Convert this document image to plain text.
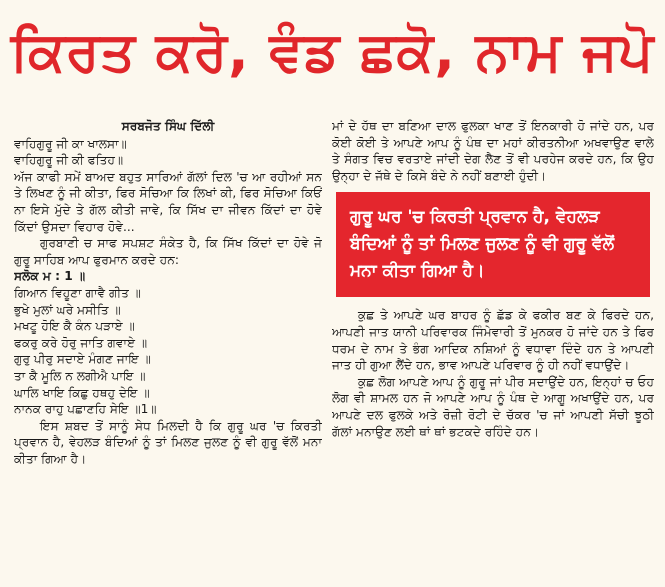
ਕਿਰਤ ਕਰੋ, ਵੰਡ ਛਕੋ, ਨਾਮ ਜਪੋ

ਸਰਬਜੋਤ ਸਿੰਘ ਦਿੱਲੀ

ਵਾਹਿਗੁਰੂ ਜੀ ਕਾ ਖਾਲਸਾ॥

ਵਾਹਿਗੁਰੂ ਜੀ ਕੀ ਫਤਿਹ॥

ਅੱਜ ਕਾਫੀ ਸਮੇਂ ਬਾਅਦ ਬਹੁਤ ਸਾਰਿਆਂ ਗੱਲਾਂ ਦਿਲ 'ਚ ਆ ਰਹੀਆਂ ਸਨ ਤੇ ਲਿਖਣ ਨੂੰ ਜੀ ਕੀਤਾ, ਫਿਰ ਸੋਚਿਆ ਕਿ ਲਿਖਾਂ ਕੀ, ਫਿਰ ਸੋਚਿਆ ਕਿਓਂ ਨਾ ਇਸੇ ਮੁੱਦੇ ਤੇ ਗੱਲ ਕੀਤੀ ਜਾਵੇ, ਕਿ ਸਿੱਖ ਦਾ ਜੀਵਨ ਕਿੱਦਾਂ ਦਾ ਹੋਵੇ ਕਿੱਦਾਂ ਉਸਦਾ ਵਿਹਾਰ ਹੋਵੇ...

ਗੁਰਬਾਣੀ ਚ ਸਾਫ ਸਪਸ਼ਟ ਸੰਕੇਤ ਹੈ, ਕਿ ਸਿੱਖ ਕਿੱਦਾਂ ਦਾ ਹੋਵੇ ਜੋ ਗੁਰੂ ਸਾਹਿਬ ਆਪ ਫੁਰਮਾਨ ਕਰਦੇ ਹਨ:

ਸਲੋਕ ਮ : 1 ॥

ਗਿਆਨ ਵਿਹੂਣਾ ਗਾਵੈ ਗੀਤ ॥

ਭੁਖੇ ਮੁਲਾਂ ਘਰੇ ਮਸੀਤਿ ॥

ਮਖਟੂ ਹੋਇ ਕੈ ਕੰਨ ਪੜਾਏ ॥

ਫਕਰੁ ਕਰੇ ਹੋਰੁ ਜਾਤਿ ਗਵਾਏ ॥

ਗੁਰੁ ਪੀਰੁ ਸਦਾਏ ਮੰਗਣ ਜਾਇ ॥

ਤਾ ਕੈ ਮੂਲਿ ਨ ਲਗੀਐ ਪਾਇ ॥

ਘਾਲਿ ਖਾਇ ਕਿਛੁ ਹਥਹੁ ਦੇਇ ॥

ਨਾਨਕ ਰਾਹੁ ਪਛਾਣਹਿ ਸੇਇ ॥1॥

ਇਸ ਸ਼ਬਦ ਤੋਂ ਸਾਨੂੰ ਸੇਧ ਮਿਲਦੀ ਹੈ ਕਿ ਗੁਰੂ ਘਰ 'ਚ ਕਿਰਤੀ ਪ੍ਰਵਾਨ ਹੈ, ਵੇਹਲੜ ਬੰਦਿਆਂ ਨੂੰ ਤਾਂ ਮਿਲਣ ਜੁਲਣ ਨੂੰ ਵੀ ਗੁਰੂ ਵੱਲੋਂ ਮਨਾ ਕੀਤਾ ਗਿਆ ਹੈ।

ਮਾਂ ਦੇ ਹੱਥ ਦਾ ਬਣਿਆ ਦਾਲ ਫੁਲਕਾ ਖਾਣ ਤੋਂ ਇਨਕਾਰੀ ਹੋ ਜਾਂਦੇ ਹਨ, ਪਰ ਕੋਈ ਕੋਈ ਤੇ ਆਪਣੇ ਆਪ ਨੂੰ ਪੰਥ ਦਾ ਮਹਾਂ ਕੀਰਤਨੀਆ ਅਖਵਾਉਣ ਵਾਲੇ ਤੇ ਸੰਗਤ ਵਿਚ ਵਰਤਾਏ ਜਾਂਦੀ ਦੇਗ ਲੈਣ ਤੋਂ ਵੀ ਪਰਹੇਜ ਕਰਦੇ ਹਨ, ਕਿ ਉਹ ਉਨ੍ਹਾ ਦੇ ਜੱਥੇ ਦੇ ਕਿਸੇ ਬੰਦੇ ਨੇ ਨਹੀਂ ਬਣਾਈ ਹੁੰਦੀ।

ਗੁਰੂ ਘਰ 'ਚ ਕਿਰਤੀ ਪ੍ਰਵਾਨ ਹੈ, ਵੇਹਲੜ ਬੰਦਿਆਂ ਨੂੰ ਤਾਂ ਮਿਲਣ ਜੁਲਣ ਨੂੰ ਵੀ ਗੁਰੂ ਵੱਲੋਂ ਮਨਾ ਕੀਤਾ ਗਿਆ ਹੈ।

ਕੁਛ ਤੇ ਆਪਣੇ ਘਰ ਬਾਹਰ ਨੂੰ ਛੱਡ ਕੇ ਫਕੀਰ ਬਣ ਕੇ ਫਿਰਦੇ ਹਨ, ਆਪਣੀ ਜਾਤ ਯਾਨੀ ਪਰਿਵਾਰਕ ਜਿੰਮੇਵਾਰੀ ਤੋਂ ਮੁਨਕਰ ਹੋ ਜਾਂਦੇ ਹਨ ਤੇ ਫਿਰ ਧਰਮ ਦੇ ਨਾਮ ਤੇ ਭੰਗ ਆਦਿਕ ਨਸ਼ਿਆਂ ਨੂੰ ਵਧਾਵਾ ਦਿੰਦੇ ਹਨ ਤੇ ਆਪਣੀ ਜਾਤ ਹੀ ਗੁਆ ਲੈਂਦੇ ਹਨ, ਭਾਵ ਆਪਣੇ ਪਰਿਵਾਰ ਨੂੰ ਹੀ ਨਹੀਂ ਵਧਾਉਂਦੇ।

ਕੁਛ ਲੋਗ ਆਪਣੇ ਆਪ ਨੂੰ ਗੁਰੂ ਜਾਂ ਪੀਰ ਸਦਾਉਂਦੇ ਹਨ, ਇਨ੍ਹਾਂ ਚ ਓਹ ਲੋਗ ਵੀ ਸ਼ਾਮਲ ਹਨ ਜੋ ਆਪਣੇ ਆਪ ਨੂੰ ਪੰਥ ਦੇ ਆਗੂ ਅਖਾਉਂਦੇ ਹਨ, ਪਰ ਆਪਣੇ ਦਲ ਫੁਲਕੇ ਅਤੇ ਰੋਜ਼ੀ ਰੋਟੀ ਦੇ ਚੱਕਰ 'ਚ ਜਾਂ ਆਪਣੀ ਸੱਚੀ ਝੂਠੀ ਗੱਲਾਂ ਮਨਾਉਣ ਲਈ ਥਾਂ ਥਾਂ ਭਟਕਦੇ ਰਹਿੰਦੇ ਹਨ।
